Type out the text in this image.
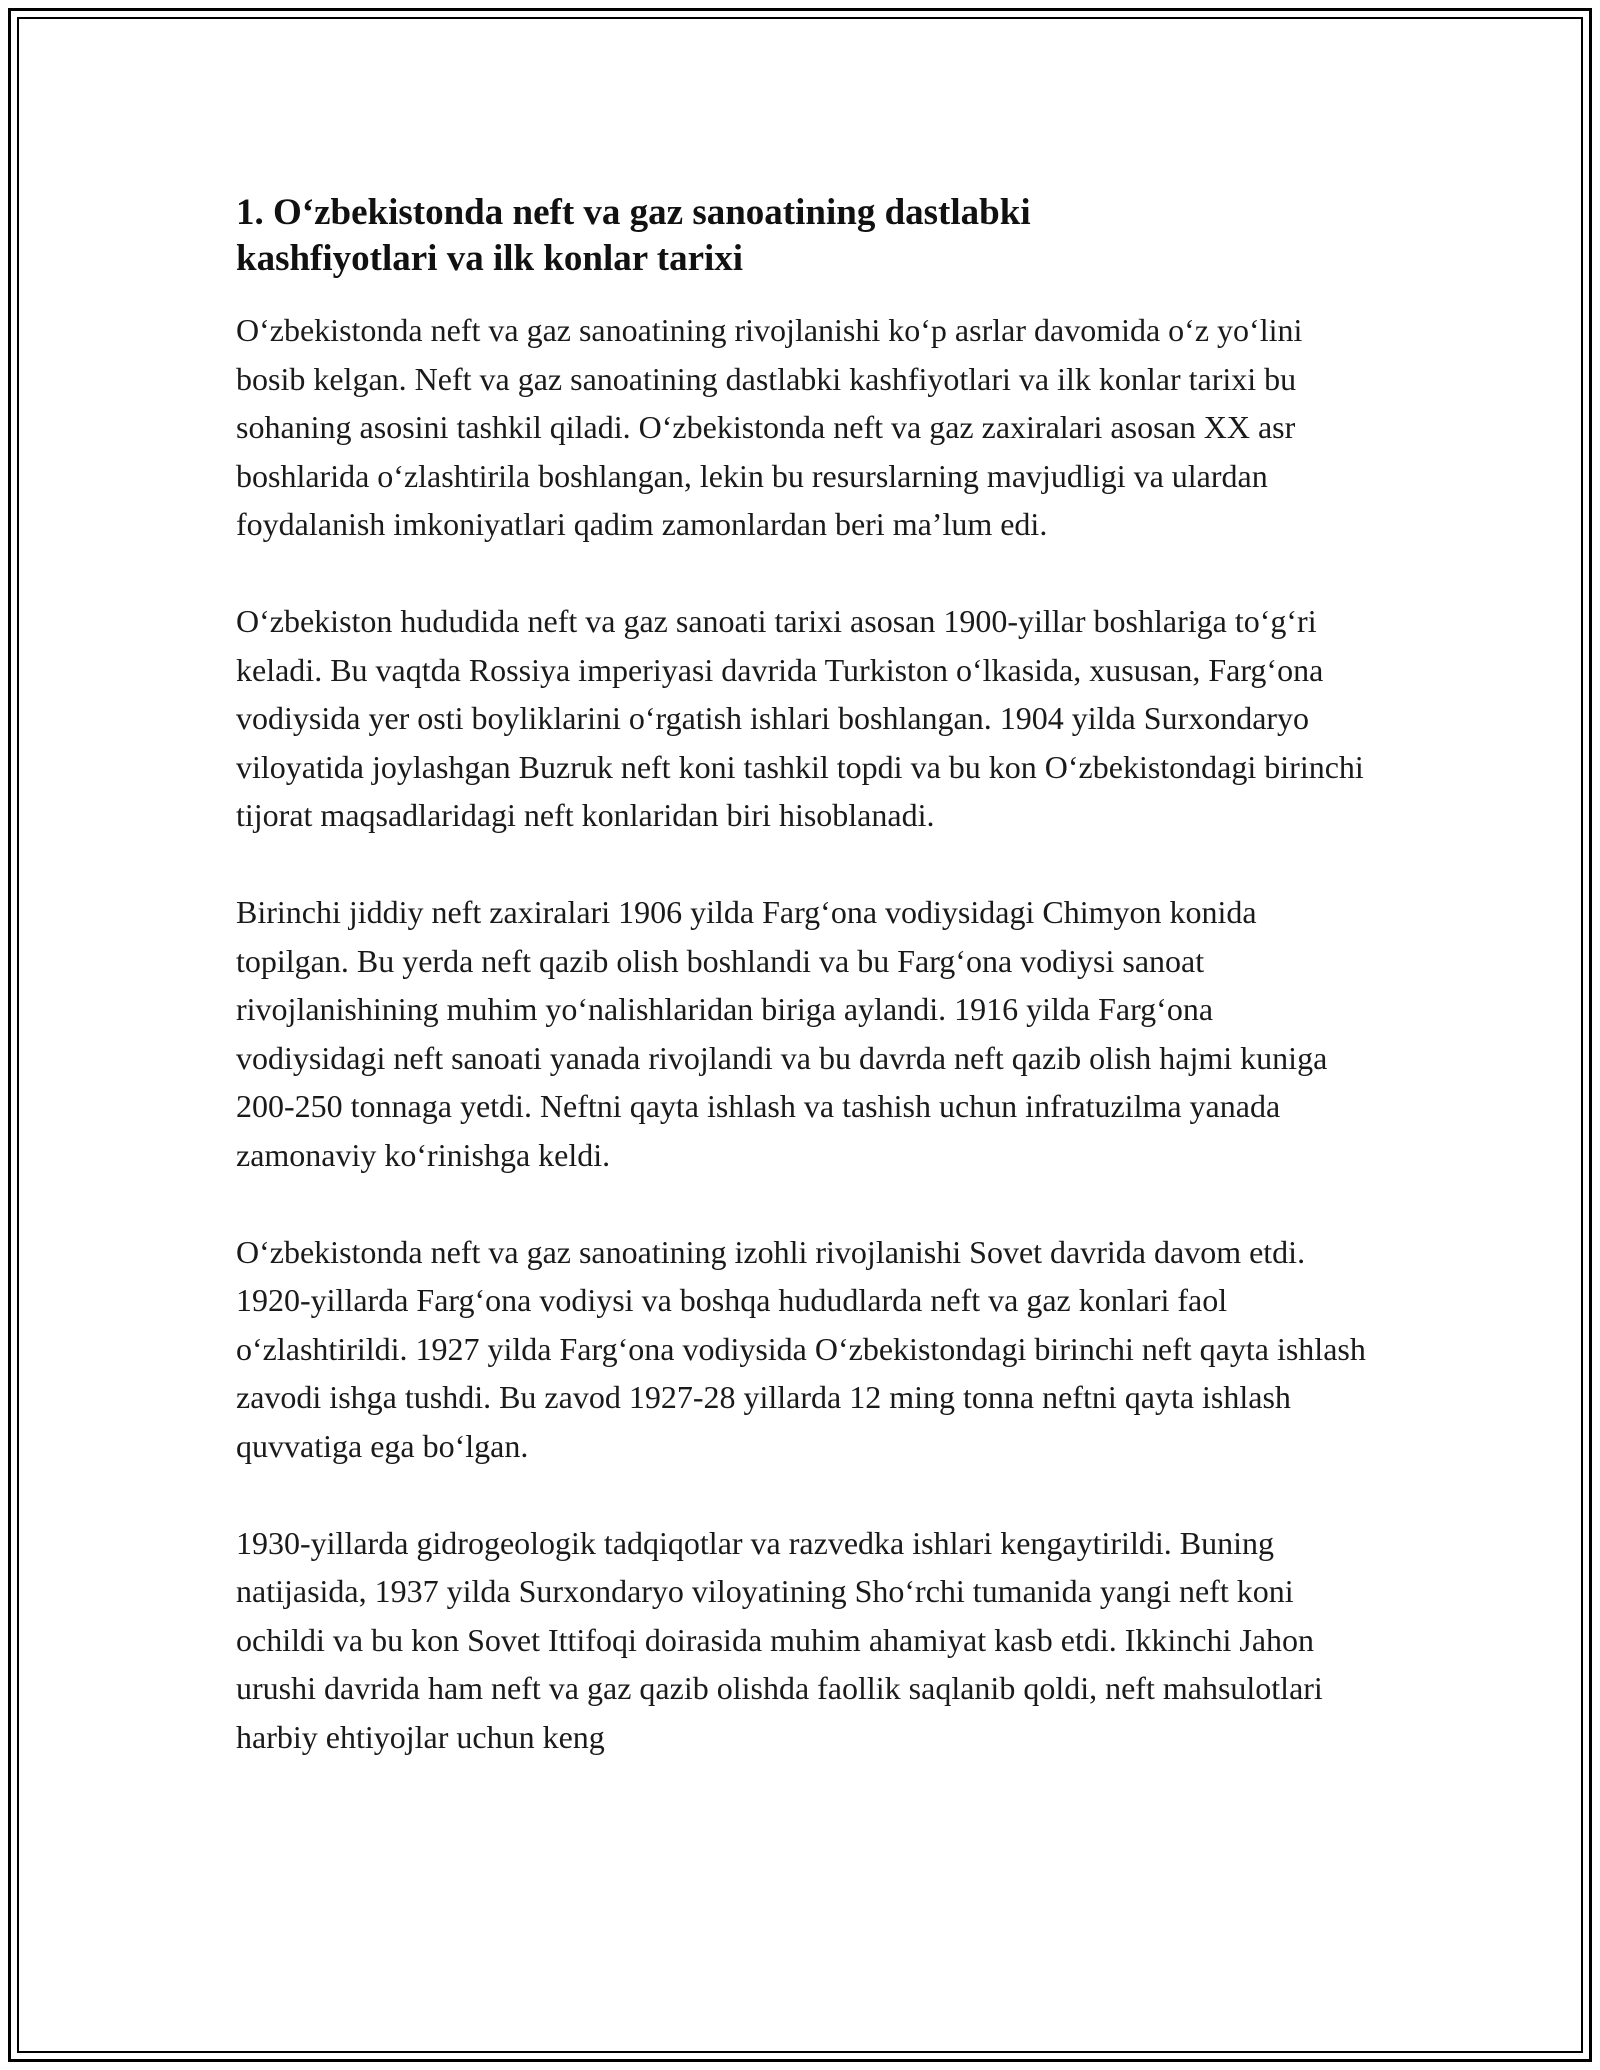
1. O‘zbekistonda neft va gaz sanoatining dastlabki
kashfiyotlari va ilk konlar tarixi

O‘zbekistonda neft va gaz sanoatining rivojlanishi ko‘p asrlar davomida o‘z yo‘lini bosib kelgan. Neft va gaz sanoatining dastlabki kashfiyotlari va ilk konlar tarixi bu sohaning asosini tashkil qiladi. O‘zbekistonda neft va gaz zaxiralari asosan XX asr boshlarida o‘zlashtirila boshlangan, lekin bu resurslarning mavjudligi va ulardan foydalanish imkoniyatlari qadim zamonlardan beri ma’lum edi.

O‘zbekiston hududida neft va gaz sanoati tarixi asosan 1900-yillar boshlariga to‘g‘ri keladi. Bu vaqtda Rossiya imperiyasi davrida Turkiston o‘lkasida, xususan, Farg‘ona vodiysida yer osti boyliklarini o‘rgatish ishlari boshlangan. 1904 yilda Surxondaryo viloyatida joylashgan Buzruk neft koni tashkil topdi va bu kon O‘zbekistondagi birinchi tijorat maqsadlaridagi neft konlaridan biri hisoblanadi.

Birinchi jiddiy neft zaxiralari 1906 yilda Farg‘ona vodiysidagi Chimyon konida topilgan. Bu yerda neft qazib olish boshlandi va bu Farg‘ona vodiysi sanoat rivojlanishining muhim yo‘nalishlaridan biriga aylandi. 1916 yilda Farg‘ona vodiysidagi neft sanoati yanada rivojlandi va bu davrda neft qazib olish hajmi kuniga 200-250 tonnaga yetdi. Neftni qayta ishlash va tashish uchun infratuzilma yanada zamonaviy ko‘rinishga keldi.

O‘zbekistonda neft va gaz sanoatining izohli rivojlanishi Sovet davrida davom etdi. 1920-yillarda Farg‘ona vodiysi va boshqa hududlarda neft va gaz konlari faol o‘zlashtirildi. 1927 yilda Farg‘ona vodiysida O‘zbekistondagi birinchi neft qayta ishlash zavodi ishga tushdi. Bu zavod 1927-28 yillarda 12 ming tonna neftni qayta ishlash quvvatiga ega bo‘lgan.

1930-yillarda gidrogeologik tadqiqotlar va razvedka ishlari kengaytirildi. Buning natijasida, 1937 yilda Surxondaryo viloyatining Sho‘rchi tumanida yangi neft koni ochildi va bu kon Sovet Ittifoqi doirasida muhim ahamiyat kasb etdi. Ikkinchi Jahon urushi davrida ham neft va gaz qazib olishda faollik saqlanib qoldi, neft mahsulotlari harbiy ehtiyojlar uchun keng
